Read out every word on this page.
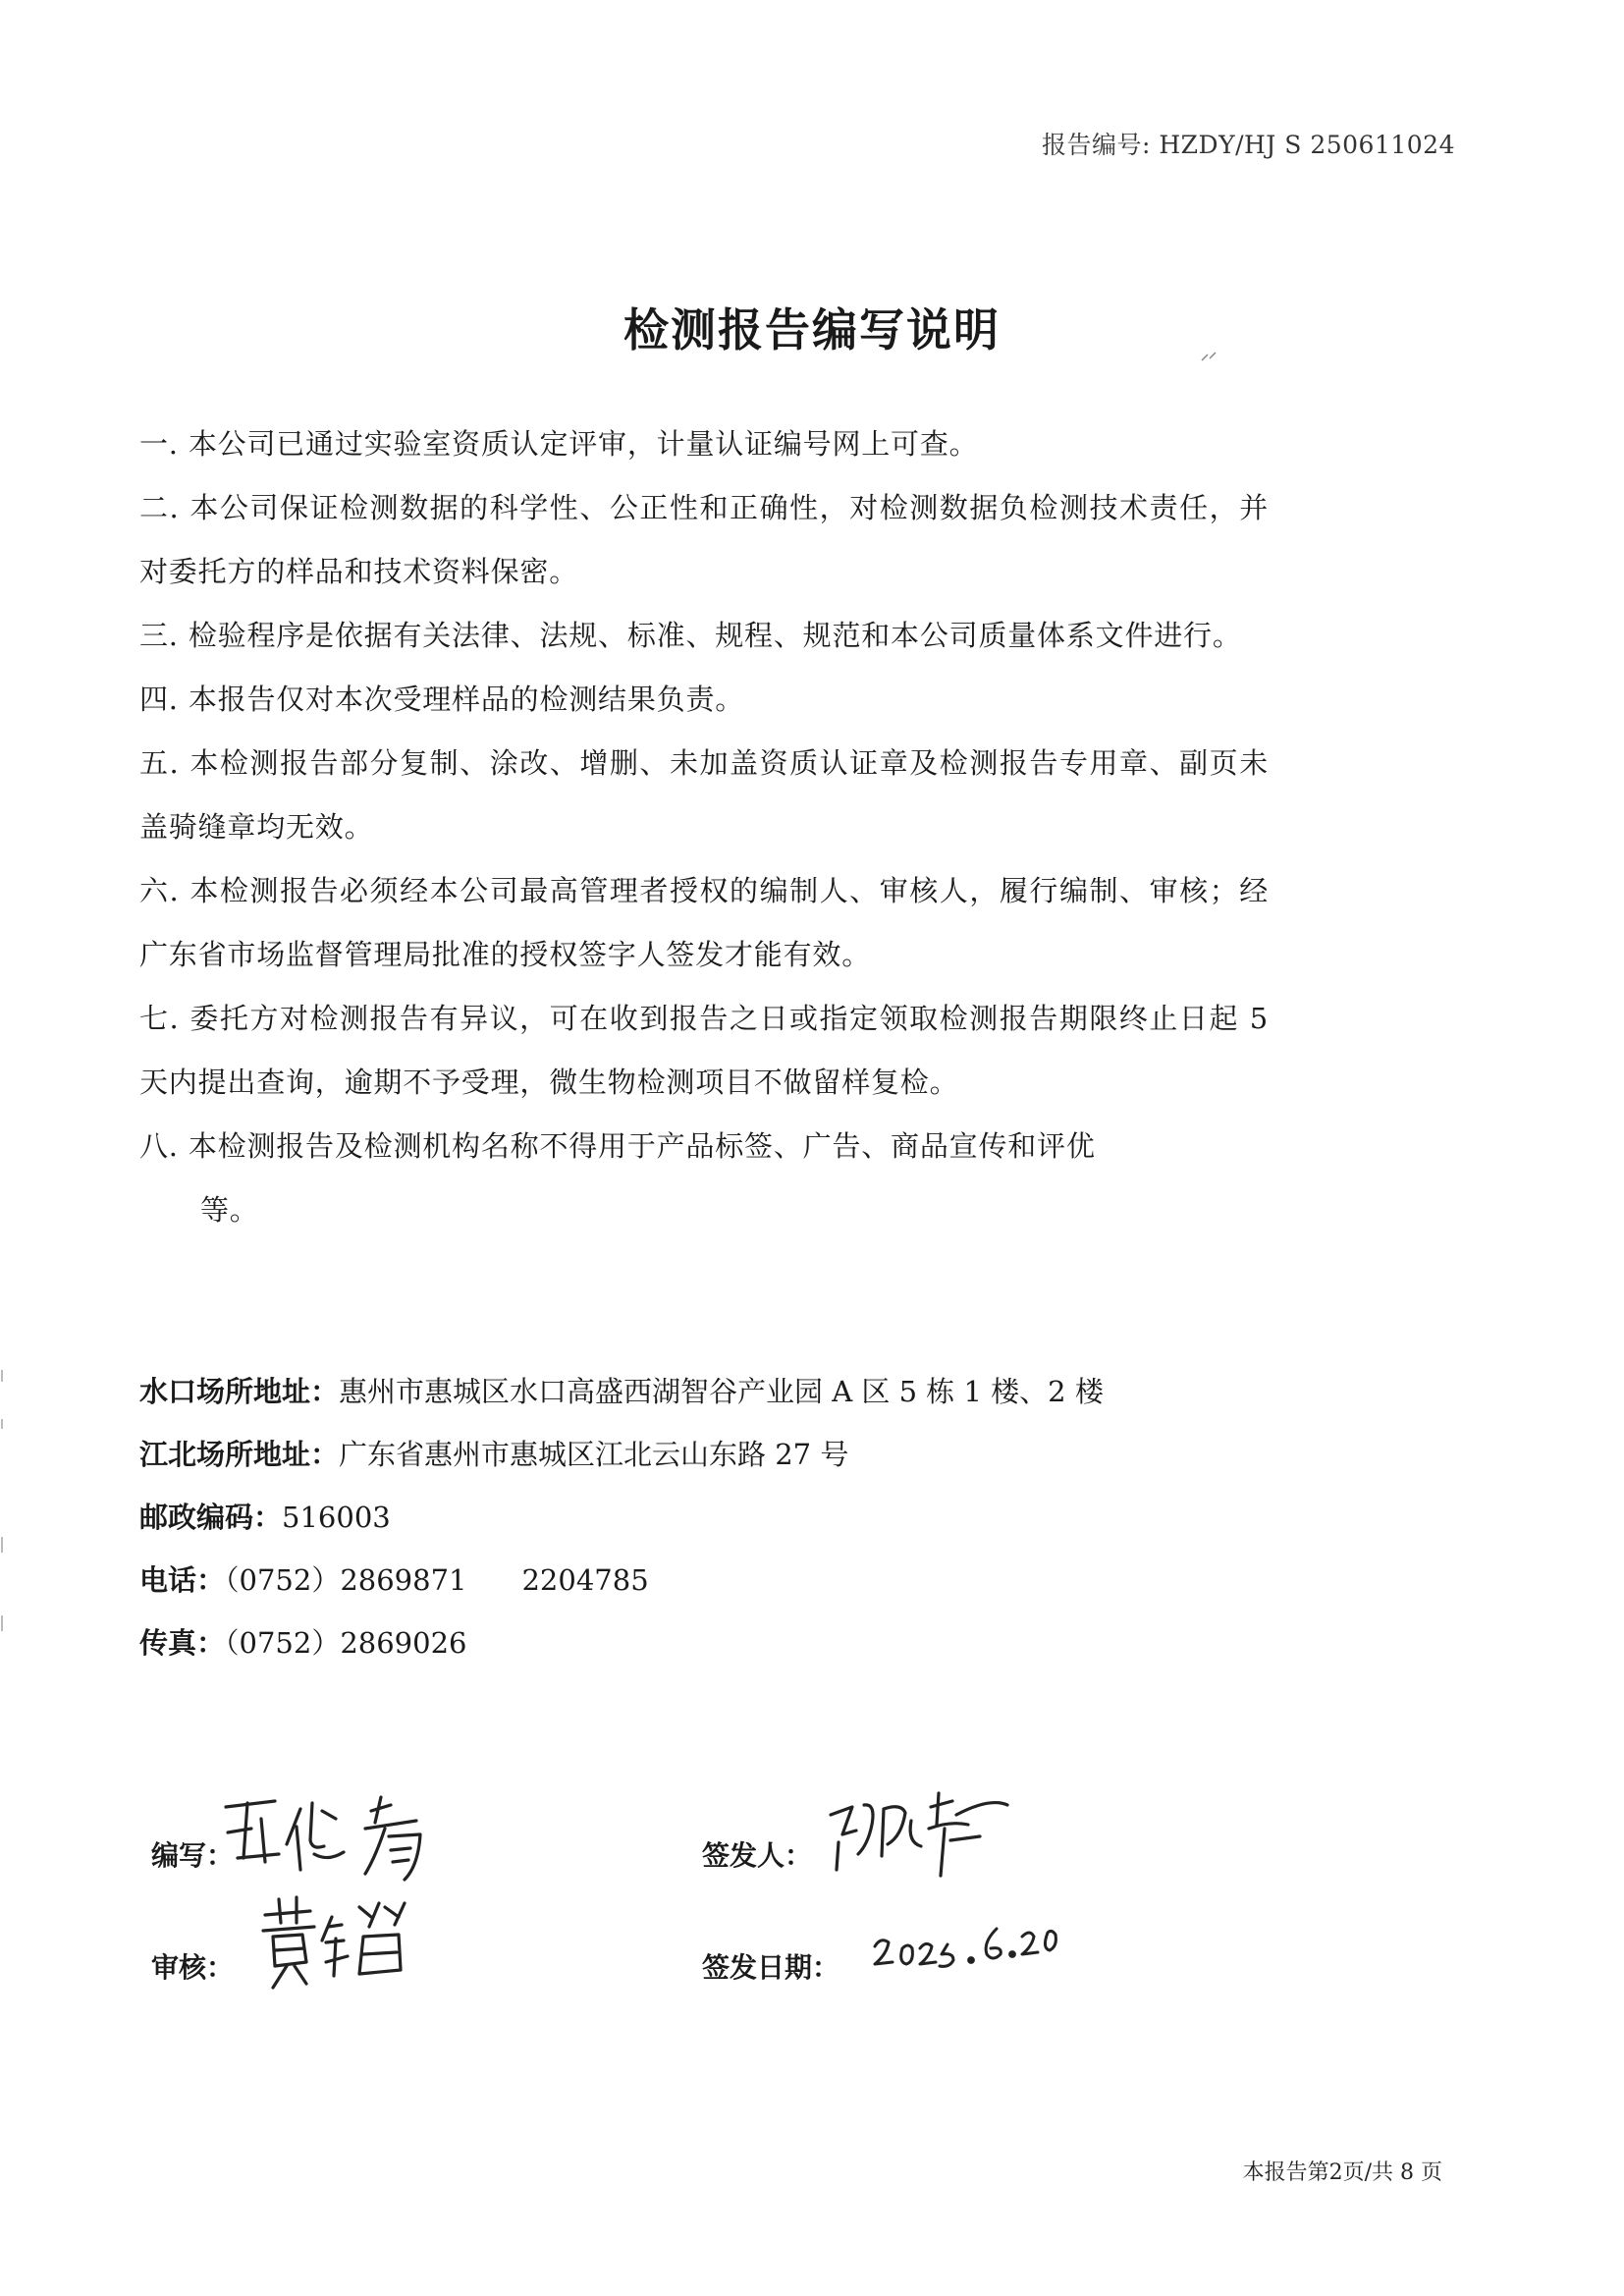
报告编号: HZDY/HJ S 250611024
检测报告编写说明

一. 本公司已通过实验室资质认定评审，计量认证编号网上可查。

二. 本公司保证检测数据的科学性、公正性和正确性，对检测数据负检测技术责任，并对委托方的样品和技术资料保密。

三. 检验程序是依据有关法律、法规、标准、规程、规范和本公司质量体系文件进行。

四. 本报告仅对本次受理样品的检测结果负责。

五. 本检测报告部分复制、涂改、增删、未加盖资质认证章及检测报告专用章、副页未盖骑缝章均无效。

六. 本检测报告必须经本公司最高管理者授权的编制人、审核人，履行编制、审核；经广东省市场监督管理局批准的授权签字人签发才能有效。

七. 委托方对检测报告有异议，可在收到报告之日或指定领取检测报告期限终止日起 5 天内提出查询，逾期不予受理，微生物检测项目不做留样复检。

八. 本检测报告及检测机构名称不得用于产品标签、广告、商品宣传和评优

等。

水口场所地址：惠州市惠城区水口高盛西湖智谷产业园 A 区 5 栋 1 楼、2 楼
江北场所地址：广东省惠州市惠城区江北云山东路 27 号
邮政编码：516003
电话：（0752）2869871 2204785
传真：（0752）2869026
编写：
审核：
签发人：
签发日期：
本报告第2页/共 8 页
